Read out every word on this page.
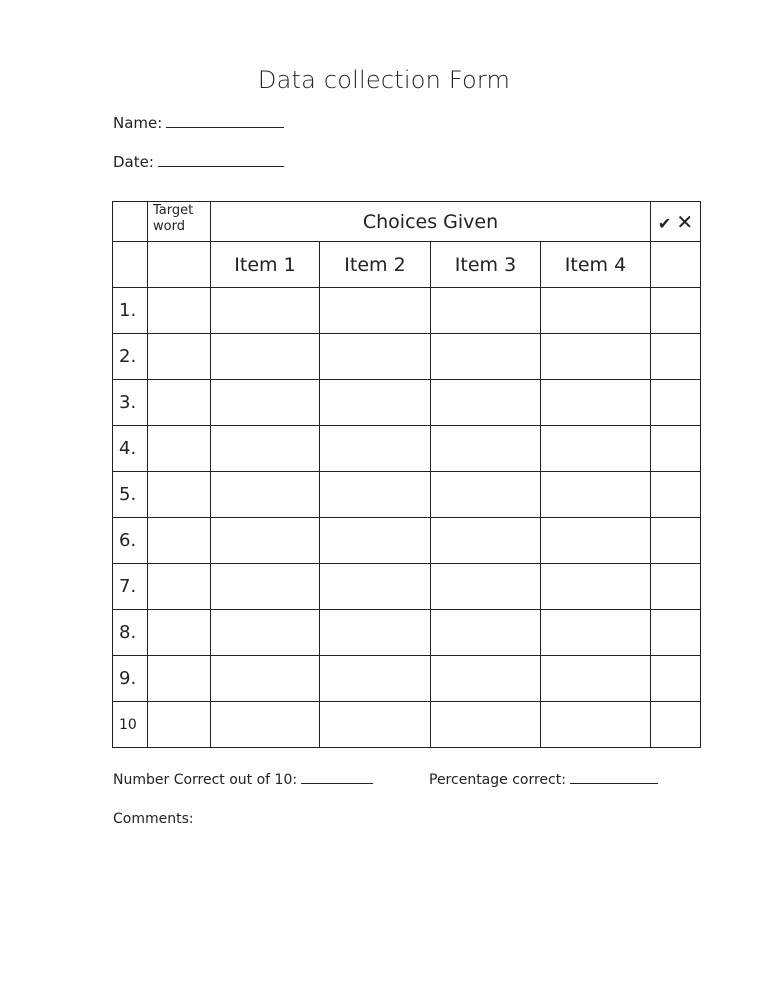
Data collection Form
Name:
Date:
	Target word	Choices Given				✔ ✕
		Item 1	Item 2	Item 3	Item 4	
1.						
2.						
3.						
4.						
5.						
6.						
7.						
8.						
9.						
10						
Number Correct out of 10:	Percentage correct:
Comments:
